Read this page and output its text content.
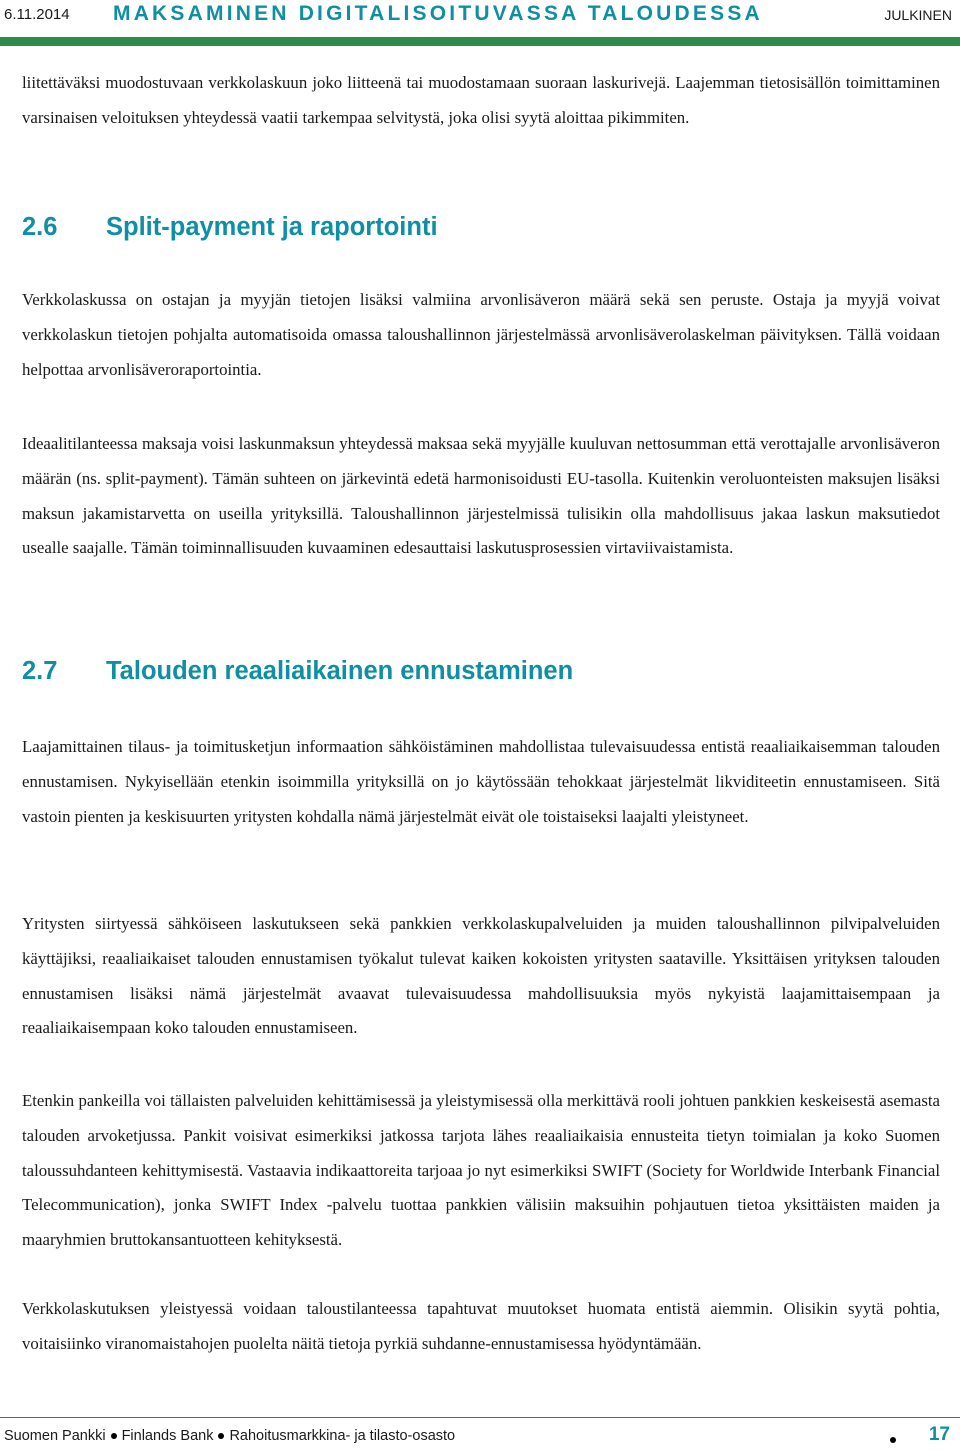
6.11.2014 MAKSAMINEN DIGITALISOITUVASSA TALOUDESSA	JULKINEN

liitettäväksi muodostuvaan verkkolaskuun joko liitteenä tai muodostamaan suoraan laskurivejä. Laajemman tietosisällön toimittaminen varsinaisen veloituksen yhteydessä vaatii tarkempaa selvitystä, joka olisi syytä aloittaa pikimmiten.

2.6 Split-payment ja raportointi

Verkkolaskussa on ostajan ja myyjän tietojen lisäksi valmiina arvonlisäveron määrä sekä sen peruste. Ostaja ja myyjä voivat verkkolaskun tietojen pohjalta automatisoida omassa taloushallinnon järjestelmässä arvonlisäverolaskelman päivityksen. Tällä voidaan helpottaa arvonlisäveroraportointia.

Ideaalitilanteessa maksaja voisi laskunmaksun yhteydessä maksaa sekä myyjälle kuuluvan nettosumman että verottajalle arvonlisäveron määrän (ns. split-payment). Tämän suhteen on järkevintä edetä harmonisoidusti EU-tasolla. Kuitenkin veroluonteisten maksujen lisäksi maksun jakamistarvetta on useilla yrityksillä. Taloushallinnon järjestelmissä tulisikin olla mahdollisuus jakaa laskun maksutiedot usealle saajalle. Tämän toiminnallisuuden kuvaaminen edesauttaisi laskutusprosessien virtaviivaistamista.

2.7 Talouden reaaliaikainen ennustaminen

Laajamittainen tilaus- ja toimitusketjun informaation sähköistäminen mahdollistaa tulevaisuudessa entistä reaaliaikaisemman talouden ennustamisen. Nykyisellään etenkin isoimmilla yrityksillä on jo käytössään tehokkaat järjestelmät likviditeetin ennustamiseen. Sitä vastoin pienten ja keskisuurten yritysten kohdalla nämä järjestelmät eivät ole toistaiseksi laajalti yleistyneet.

Yritysten siirtyessä sähköiseen laskutukseen sekä pankkien verkkolaskupalveluiden ja muiden taloushallinnon pilvipalveluiden käyttäjiksi, reaaliaikaiset talouden ennustamisen työkalut tulevat kaiken kokoisten yritysten saataville. Yksittäisen yrityksen talouden ennustamisen lisäksi nämä järjestelmät avaavat tulevaisuudessa mahdollisuuksia myös nykyistä laajamittaisempaan ja reaaliaikaisempaan koko talouden ennustamiseen.

Etenkin pankeilla voi tällaisten palveluiden kehittämisessä ja yleistymisessä olla merkittävä rooli johtuen pankkien keskeisestä asemasta talouden arvoketjussa. Pankit voisivat esimerkiksi jatkossa tarjota lähes reaaliaikaisia ennusteita tietyn toimialan ja koko Suomen taloussuhdanteen kehittymisestä. Vastaavia indikaattoreita tarjoaa jo nyt esimerkiksi SWIFT (Society for Worldwide Interbank Financial Telecommunication), jonka SWIFT Index -palvelu tuottaa pankkien välisiin maksuihin pohjautuen tietoa yksittäisten maiden ja maaryhmien bruttokansantuotteen kehityksestä.

Verkkolaskutuksen yleistyessä voidaan taloustilanteessa tapahtuvat muutokset huomata entistä aiemmin. Olisikin syytä pohtia, voitaisiinko viranomaistahojen puolelta näitä tietoja pyrkiä suhdanne-ennustamisessa hyödyntämään.

Suomen Pankki Finlands Bank Rahoitusmarkkina- ja tilasto-osasto	17
